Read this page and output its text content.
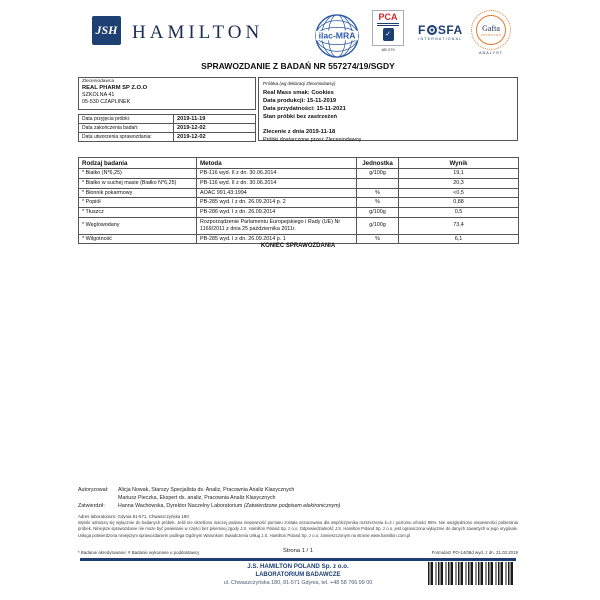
JSH HAMILTON	ilac-MRA
PCA
✓
AB 079
F SFA
INTERNATIONAL
Gafta
APPROVED
ANALYST
SPRAWOZDANIE Z BADAŃ NR 557274/19/SGDY
Zleceniodawca
REAL PHARM SP Z.O.O
SZKOLNA 41
05-530 CZAPLINEK
Data przyjęcia próbki:	2019-11-19
Data zakończenia badań:	2019-12-02
Data utworzenia sprawozdania:	2019-12-02
Próbka (wg deklaracji Zleceniodawcy)
Real Mass smak: Cookies
Data produkcji: 15-11-2019
Data przydatności: 15-11-2021
Stan próbki bez zastrzeżeń
Zlecenie z dnia 2019-11-18
Próbki dostarczone przez Zleceniodawcę
Rodzaj badania	Metoda	Jednostka	Wynik
* Białko (N*6,25)	PB-116 wyd. II z dn. 30.06.2014	g/100g	19,1
* Białko w suchej masie (Białko N*6,25)	PB-116 wyd. II z dn. 30.06.2014		20,3
* Błonnik pokarmowy	AOAC 991.43:1994	%	<0,5
* Popiół	PB-285 wyd. I z dn. 26.09.2014 p. 2	%	0,88
* Tłuszcz	PB-286 wyd. I z dn. 26.09.2014	g/100g	0,5
* Węglowodany	Rozporządzenie Parlamentu Europejskiego i Rady (UE) Nr 1169/2011 z dnia 25 października 2011r.	g/100g	73,4
* Wilgotność	PB-285 wyd. I z dn. 26.09.2014 p. 1	%	6,1
KONIEC SPRAWOZDANIA
Autoryzował:	Alicja Nowak, Starszy Specjalista ds. Analiz, Pracownia Analiz Klasycznych
Mariusz Pieczka, Ekspert ds. analiz, Pracownia Analiz Klasycznych
Zatwierdził:	Hanna Wachowska, Dyrektor Naczelny Laboratorium (Zatwierdzone podpisem elektronicznym)
Adres laboratorium: Gdynia 81-571, Chwaszczyńska 180
Wyniki odnoszą się wyłącznie do badanych próbek. Jeśli nie określono inaczej podana niepewność pomiaru została oszacowana dla współczynnika rozszerzenia k=2 i poziomu ufności 95%. Nie uwzględniono niepewności pobierania próbek. Niniejsze sprawozdanie nie może być powielane w części bez pisemnej zgody J.S. Hamilton Poland Sp. z o.o. Odpowiedzialność J.S. Hamilton Poland Sp. z o.o. jest ograniczona wyłącznie do danych zawartych w jego oryginale. Usługa potwierdzona niniejszym sprawozdaniem podlega Ogólnym Warunkom Świadczenia Usług J.S. Hamilton Poland Sp. z o.o. zamieszczonym na stronie www.hamilton.com.pl
* Badanie akredytowane; # Badanie wykonane u poddostawcy	Strona 1 / 1	Formularz PO-14/08d wyd. z dn. 21.03.2019
J.S. HAMILTON POLAND Sp. z o.o.
LABORATORIUM BADAWCZE
ul. Chwaszczyńska 180, 81-571 Gdynia, tel. +48 58 766 99 00
